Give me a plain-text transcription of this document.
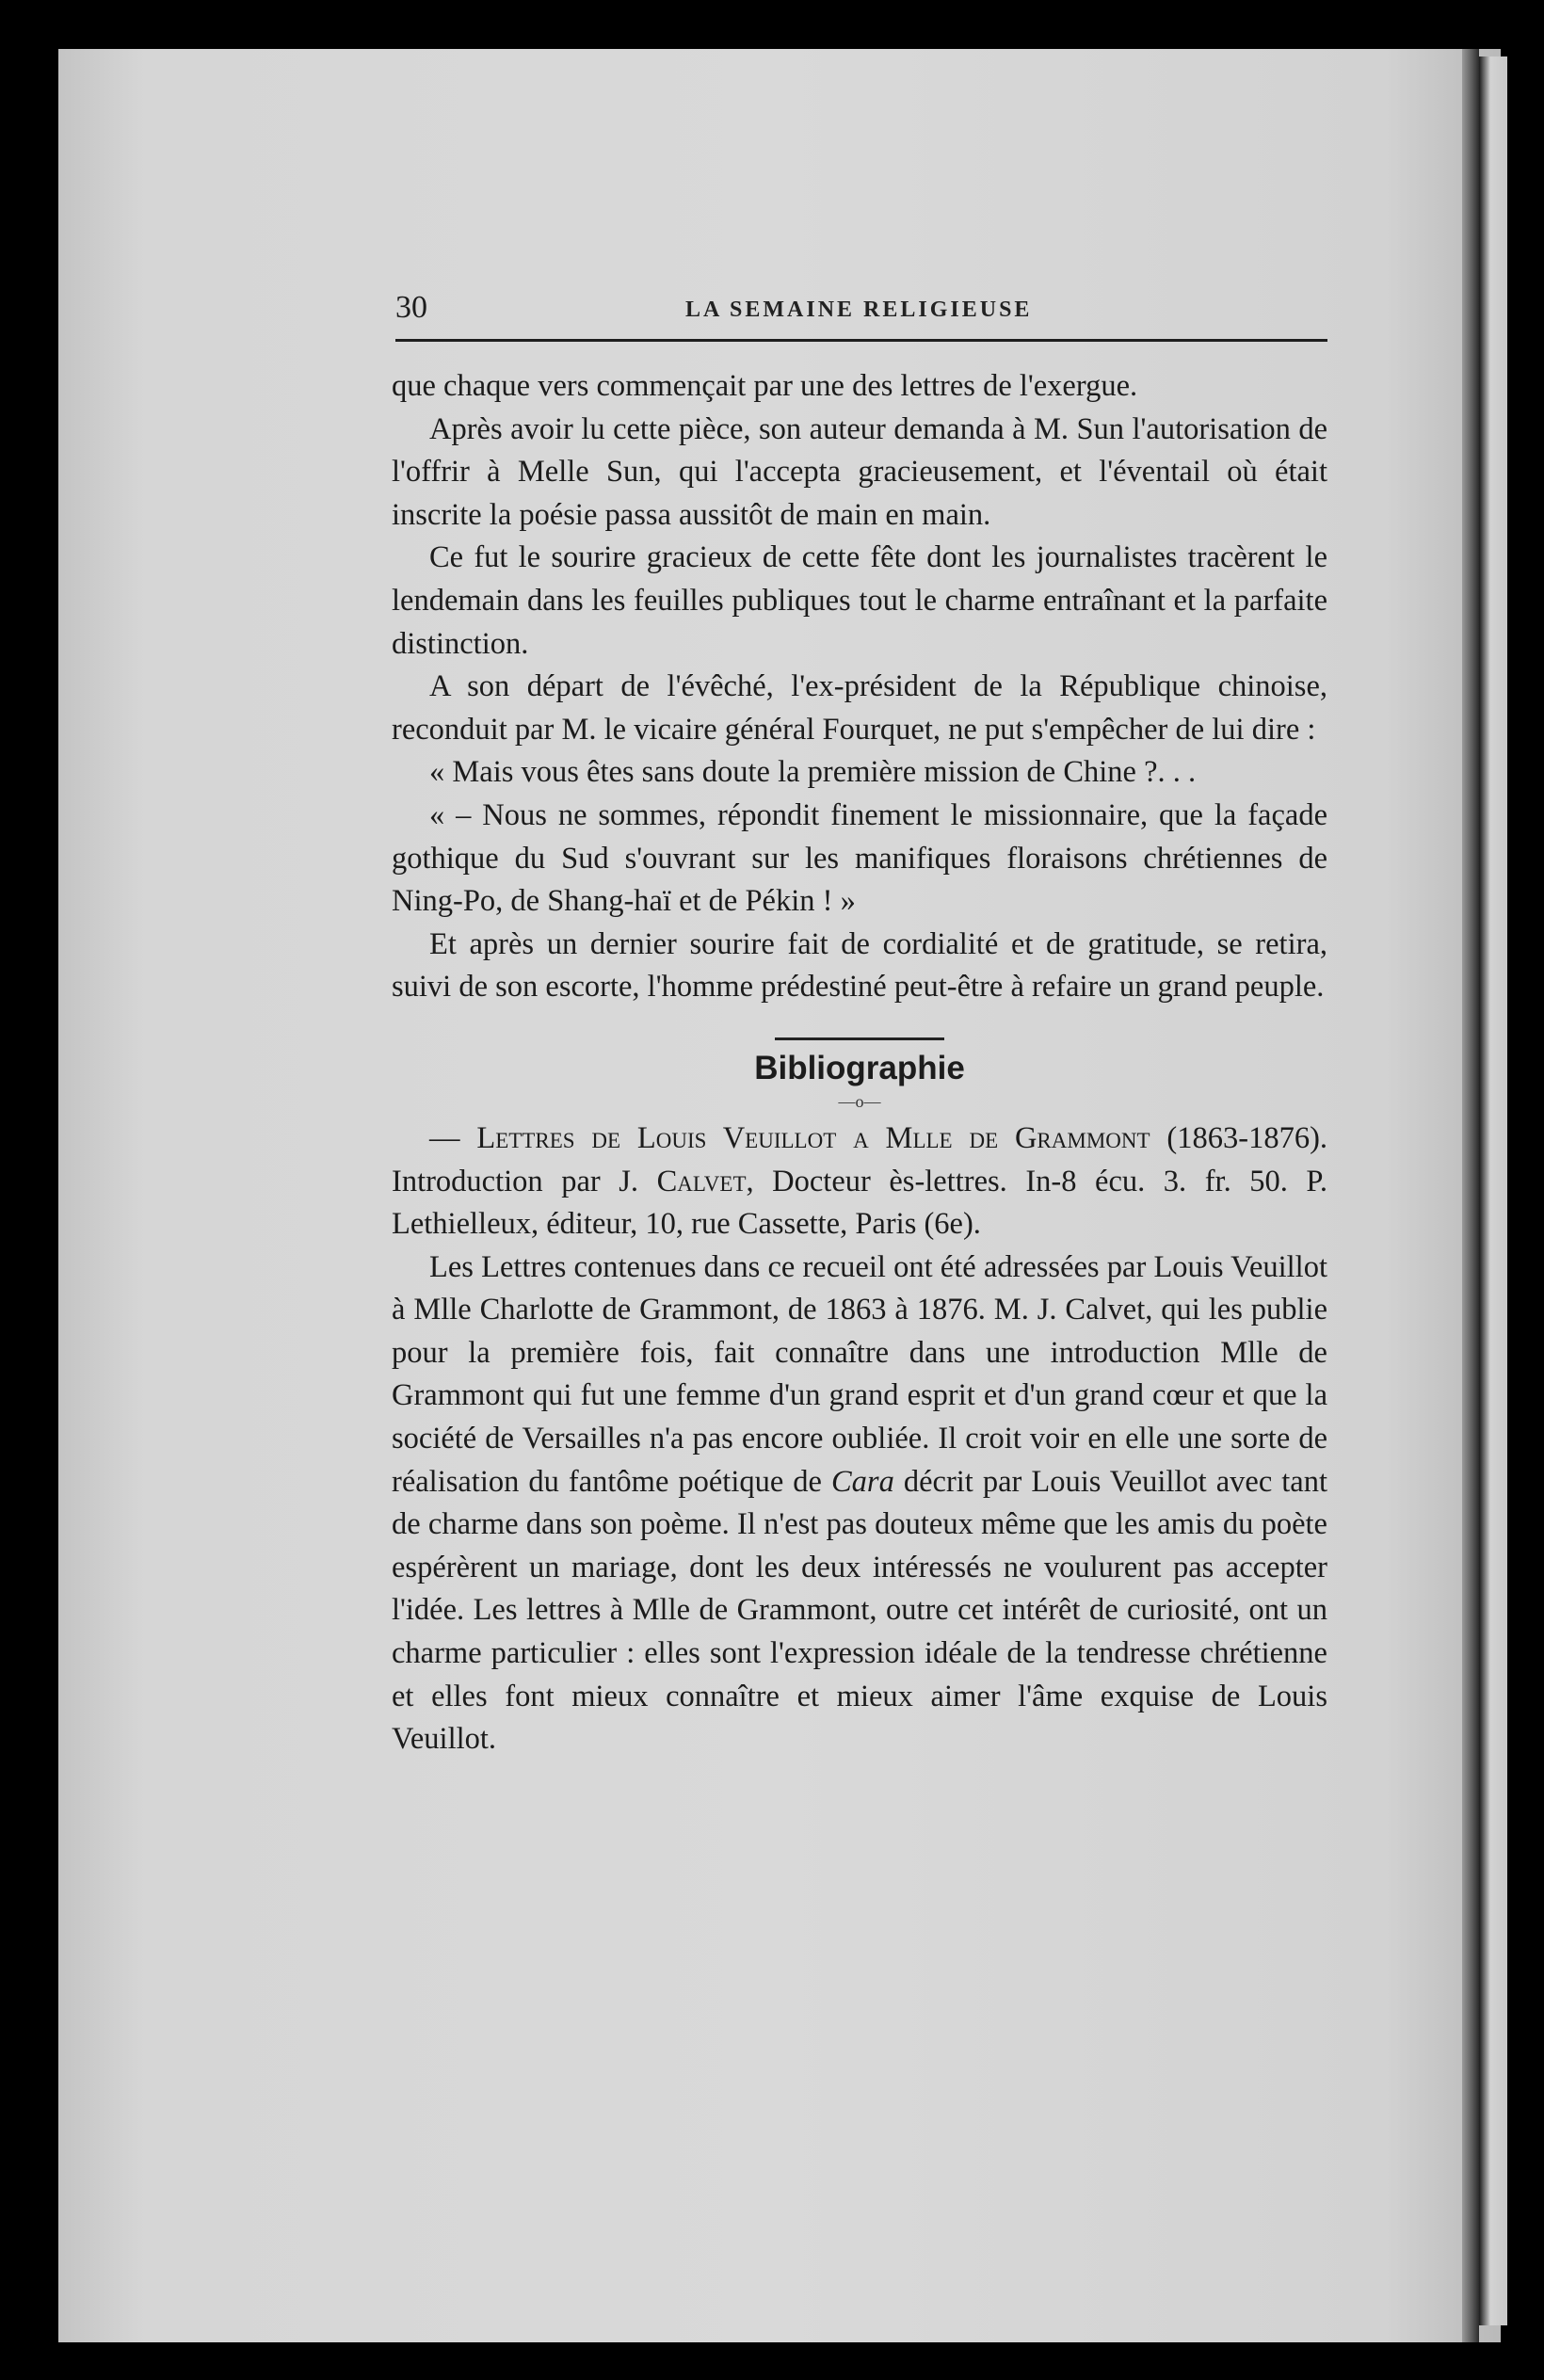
30	LA SEMAINE RELIGIEUSE

que chaque vers commençait par une des lettres de l'exergue.

Après avoir lu cette pièce, son auteur demanda à M. Sun l'autorisation de l'offrir à Melle Sun, qui l'accepta gracieusement, et l'éventail où était inscrite la poésie passa aussitôt de main en main.

Ce fut le sourire gracieux de cette fête dont les journalistes tracèrent le lendemain dans les feuilles publiques tout le charme entraînant et la parfaite distinction.

A son départ de l'évêché, l'ex-président de la République chinoise, reconduit par M. le vicaire général Fourquet, ne put s'empêcher de lui dire :

« Mais vous êtes sans doute la première mission de Chine ?. . .

« – Nous ne sommes, répondit finement le missionnaire, que la façade gothique du Sud s'ouvrant sur les manifiques floraisons chrétiennes de Ning-Po, de Shang-haï et de Pékin ! »

Et après un dernier sourire fait de cordialité et de gratitude, se retira, suivi de son escorte, l'homme prédestiné peut-être à refaire un grand peuple.

Bibliographie
—o—

— Lettres de Louis Veuillot a Mlle de Grammont (1863-1876). Introduction par J. Calvet, Docteur ès-lettres. In-8 écu. 3. fr. 50. P. Lethielleux, éditeur, 10, rue Cassette, Paris (6e).

Les Lettres contenues dans ce recueil ont été adressées par Louis Veuillot à Mlle Charlotte de Grammont, de 1863 à 1876. M. J. Calvet, qui les publie pour la première fois, fait connaître dans une introduction Mlle de Grammont qui fut une femme d'un grand esprit et d'un grand cœur et que la société de Versailles n'a pas encore oubliée. Il croit voir en elle une sorte de réalisation du fantôme poétique de Cara décrit par Louis Veuillot avec tant de charme dans son poème. Il n'est pas douteux même que les amis du poète espérèrent un mariage, dont les deux intéressés ne voulurent pas accepter l'idée. Les lettres à Mlle de Grammont, outre cet intérêt de curiosité, ont un charme particulier : elles sont l'expression idéale de la tendresse chrétienne et elles font mieux connaître et mieux aimer l'âme exquise de Louis Veuillot.
